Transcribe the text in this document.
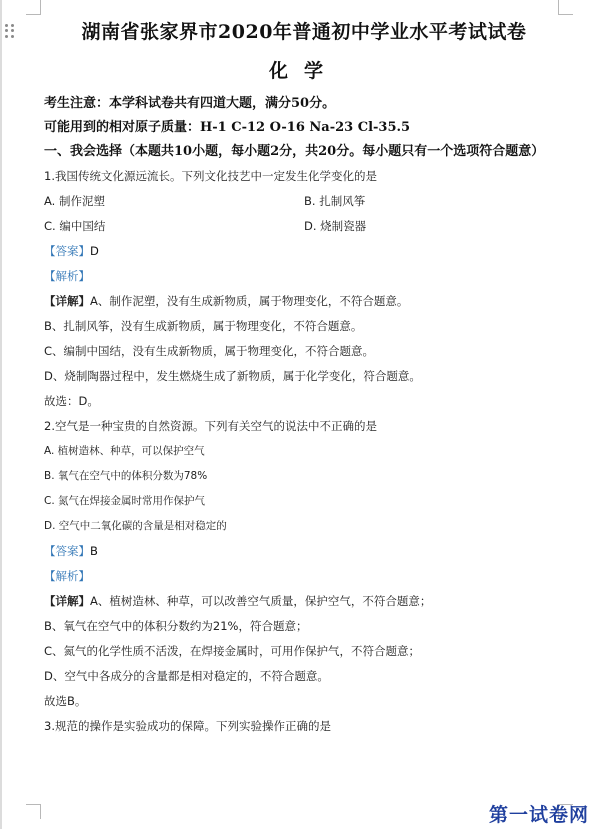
湖南省张家界市2020年普通初中学业水平考试试卷
化学
考生注意：本学科试卷共有四道大题，满分50分。
可能用到的相对原子质量：H-1 C-12 O-16 Na-23 Cl-35.5
一、我会选择（本题共10小题，每小题2分，共20分。每小题只有一个选项符合题意）
1.我国传统文化源远流长。下列文化技艺中一定发生化学变化的是
A. 制作泥塑	B. 扎制风筝
C. 编中国结	D. 烧制瓷器
【答案】D
【解析】
【详解】A、制作泥塑，没有生成新物质，属于物理变化，不符合题意。
B、扎制风筝，没有生成新物质，属于物理变化，不符合题意。
C、编制中国结，没有生成新物质，属于物理变化，不符合题意。
D、烧制陶器过程中，发生燃烧生成了新物质，属于化学变化，符合题意。
故选：D。
2.空气是一种宝贵的自然资源。下列有关空气的说法中不正确的是
A. 植树造林、种草，可以保护空气
B. 氧气在空气中的体积分数为78%
C. 氮气在焊接金属时常用作保护气
D. 空气中二氧化碳的含量是相对稳定的
【答案】B
【解析】
【详解】A、植树造林、种草，可以改善空气质量，保护空气，不符合题意；
B、氧气在空气中的体积分数约为21%，符合题意；
C、氮气的化学性质不活泼，在焊接金属时，可用作保护气，不符合题意；
D、空气中各成分的含量都是相对稳定的，不符合题意。
故选B。
3.规范的操作是实验成功的保障。下列实验操作正确的是
第一试卷网
